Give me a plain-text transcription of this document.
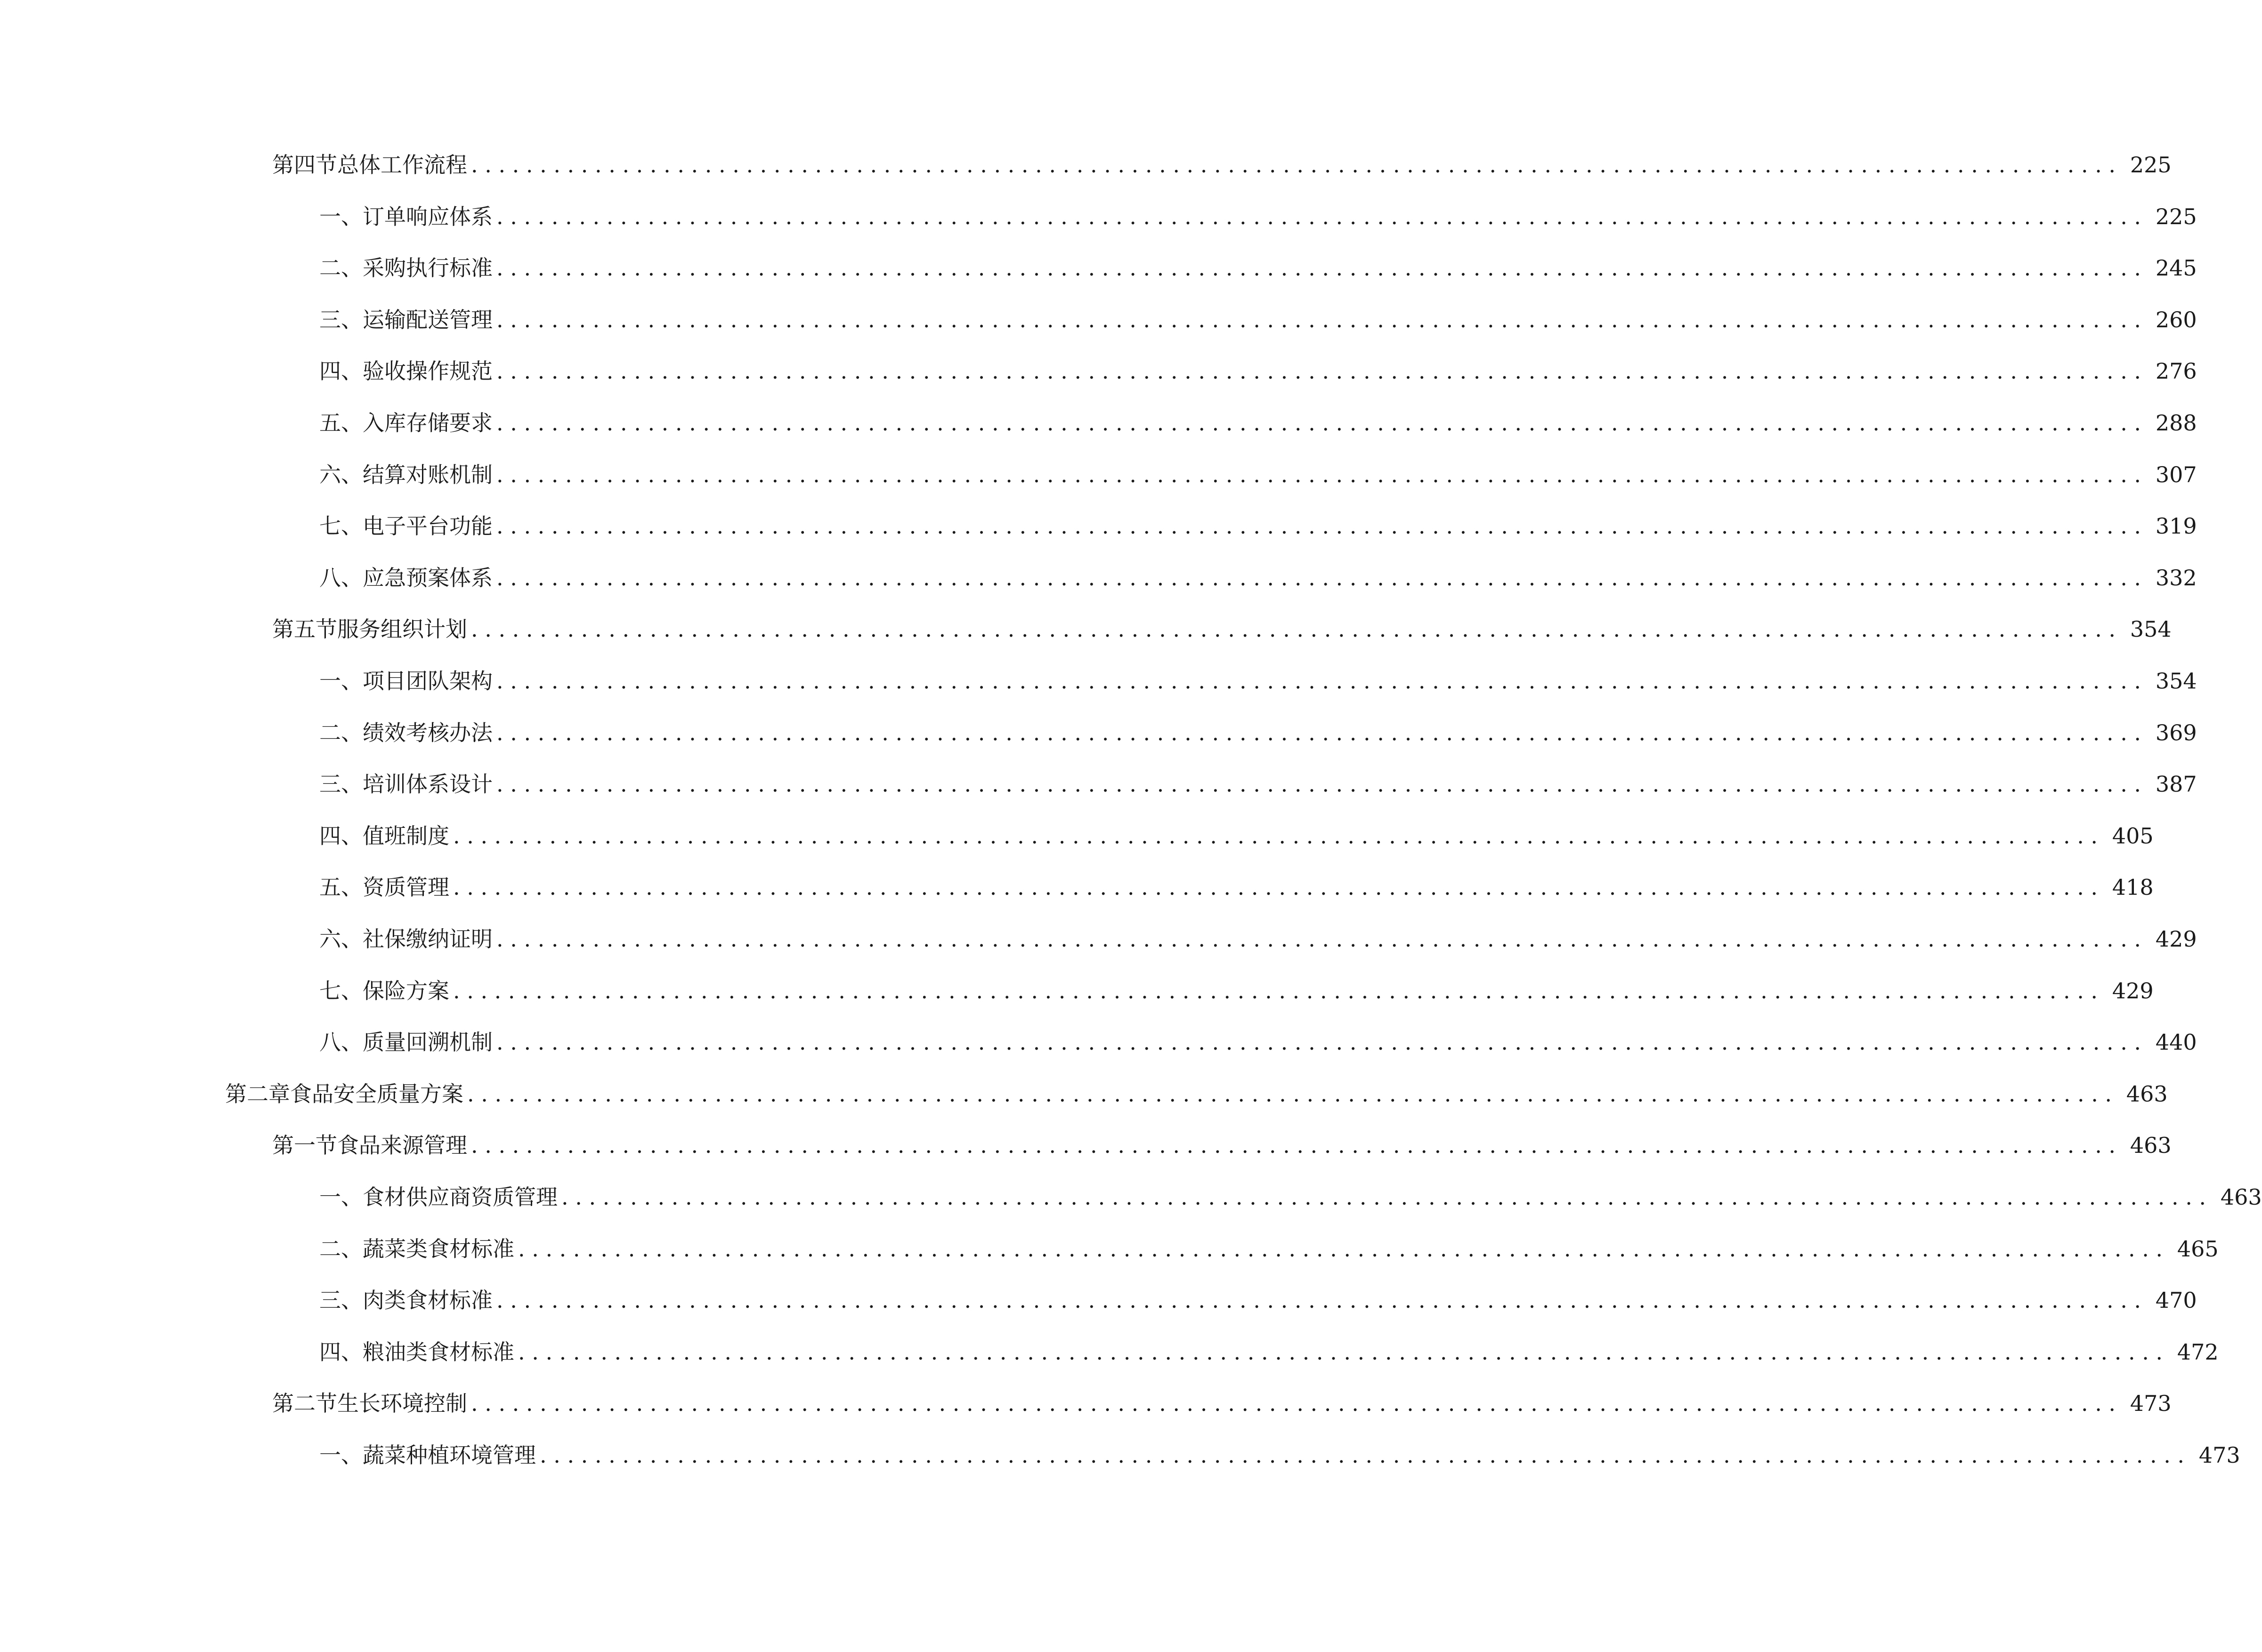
第四节 总体工作流程 ........................................................................................................................ 225
一、 订单响应体系 ........................................................................................................................ 225
二、 采购执行标准 ........................................................................................................................ 245
三、 运输配送管理 ........................................................................................................................ 260
四、 验收操作规范 ........................................................................................................................ 276
五、 入库存储要求 ........................................................................................................................ 288
六、 结算对账机制 ........................................................................................................................ 307
七、 电子平台功能 ........................................................................................................................ 319
八、 应急预案体系 ........................................................................................................................ 332
第五节 服务组织计划 ........................................................................................................................ 354
一、 项目团队架构 ........................................................................................................................ 354
二、 绩效考核办法 ........................................................................................................................ 369
三、 培训体系设计 ........................................................................................................................ 387
四、 值班制度 ........................................................................................................................ 405
五、 资质管理 ........................................................................................................................ 418
六、 社保缴纳证明 ........................................................................................................................ 429
七、 保险方案 ........................................................................................................................ 429
八、 质量回溯机制 ........................................................................................................................ 440
第二章 食品安全质量方案 ........................................................................................................................ 463
第一节 食品来源管理 ........................................................................................................................ 463
一、 食材供应商资质管理 ........................................................................................................................ 463
二、 蔬菜类食材标准 ........................................................................................................................ 465
三、 肉类食材标准 ........................................................................................................................ 470
四、 粮油类食材标准 ........................................................................................................................ 472
第二节 生长环境控制 ........................................................................................................................ 473
一、 蔬菜种植环境管理 ........................................................................................................................ 473
